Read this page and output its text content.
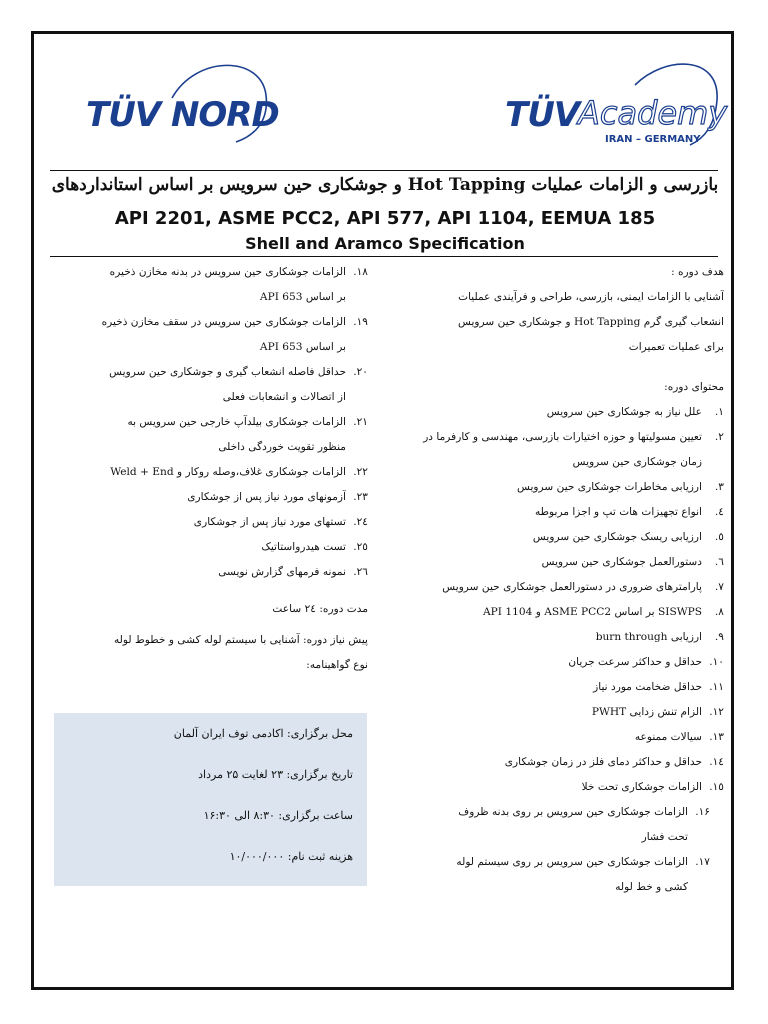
TÜV NORD	TÜV
Academy
IRAN – GERMANY
بازرسی و الزامات عملیات Hot Tapping و جوشکاری حین سرویس بر اساس استانداردهای
API 2201, ASME PCC2, API 577, API 1104, EEMUA 185
Shell and Aramco Specification
هدف دوره :
آشنایی با الزامات ایمنی، بازرسی، طراحی و فرآیندی عملیات
انشعاب گیری گرم Hot Tapping و جوشکاری حین سرویس
برای عملیات تعمیرات
محتوای دوره:
۱.
علل نیاز به جوشکاری حین سرویس
۲.
تعیین مسولیتها و حوزه اختیارات بازرسی، مهندسی و کارفرما در
زمان جوشکاری حین سرویس
۳.
ارزیابی مخاطرات جوشکاری حین سرویس
٤.
انواع تجهیزات هات تپ و اجزا مربوطه
٥.
ارزیابی ریسک جوشکاری حین سرویس
٦.
دستورالعمل جوشکاری حین سرویس
۷.
پارامترهای ضروری در دستورالعمل جوشکاری حین سرویس
۸.
SISWPS بر اساس ASME PCC2 و API 1104
۹.
ارزیابی burn through
۱۰.
حداقل و حداکثر سرعت جریان
۱۱.
حداقل ضخامت مورد نیاز
۱۲.
الزام تنش زدایی PWHT
۱۳.
سیالات ممنوعه
١٤.
حداقل و حداکثر دمای فلز در زمان جوشکاری
١٥.
الزامات جوشکاری تحت خلا
۱۶.
الزامات جوشکاری حین سرویس بر روی بدنه ظروف
تحت فشار
۱۷.
الزامات جوشکاری حین سرویس بر روی سیستم لوله
کشی و خط لوله
۱۸.
الزامات جوشکاری حین سرویس در بدنه مخازن ذخیره
بر اساس API 653
۱۹.
الزامات جوشکاری حین سرویس در سقف مخازن ذخیره
بر اساس API 653
۲۰.
حداقل فاصله انشعاب گیری و جوشکاری حین سرویس
از اتصالات و انشعابات فعلی
۲۱.
الزامات جوشکاری بیلدآپ خارجی حین سرویس به
منظور تقویت خوردگی داخلی
۲۲.
الزامات جوشکاری غلاف،وصله روکار و Weld + End
۲۳.
آزمونهای مورد نیاز پس از جوشکاری
٢٤.
تستهای مورد نیاز پس از جوشکاری
٢٥.
تست هیدرواستاتیک
٢٦.
نمونه فرمهای گزارش نویسی
مدت دوره: ٢٤ ساعت
پیش نیاز دوره: آشنایی با سیستم لوله کشی و خطوط لوله
نوع گواهینامه:
محل برگزاری: اکادمی توف ایران آلمان
تاریخ برگزاری: ۲۳ لغایت ۲۵ مرداد
ساعت برگزاری: ۸:۳۰ الی ۱۶:۳۰
هزینه ثبت نام: ۱۰/۰۰۰/۰۰۰
